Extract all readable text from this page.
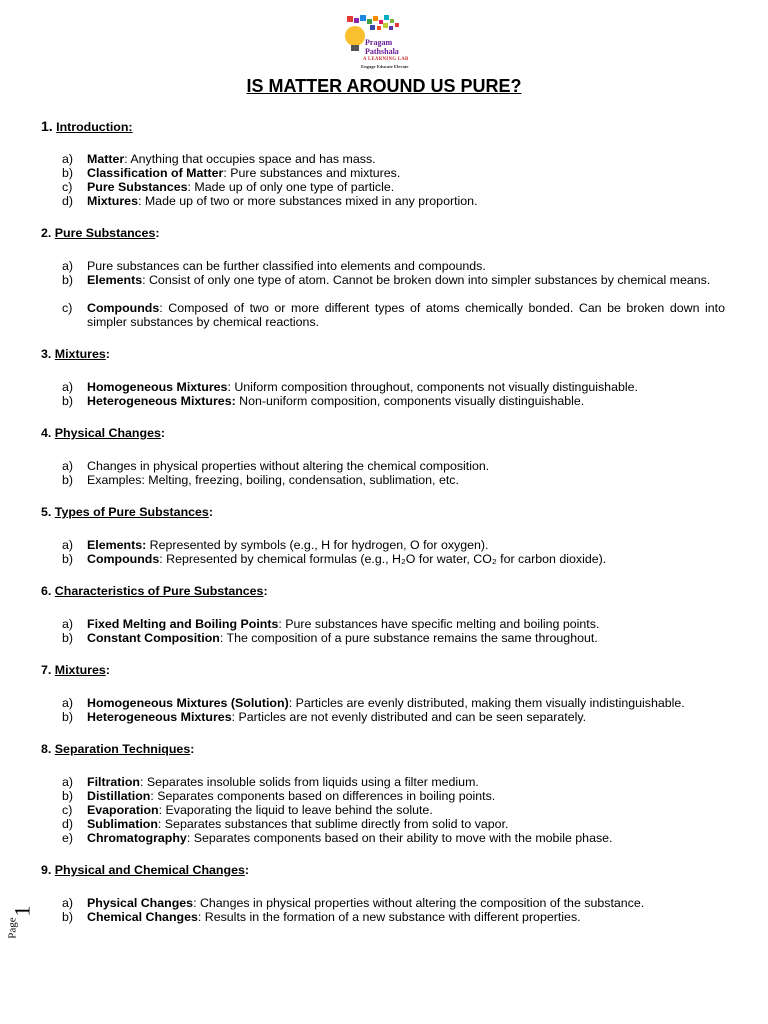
Pragam
Pathshala
A LEARNING LAB
Engage Educate Elevate
IS MATTER AROUND US PURE?
1. Introduction:
a) Matter: Anything that occupies space and has mass.
b) Classification of Matter: Pure substances and mixtures.
c) Pure Substances: Made up of only one type of particle.
d) Mixtures: Made up of two or more substances mixed in any proportion.
2. Pure Substances:
a) Pure substances can be further classified into elements and compounds.
b) Elements: Consist of only one type of atom. Cannot be broken down into simpler substances by chemical means.
c) Compounds: Composed of two or more different types of atoms chemically bonded. Can be broken down into simpler substances by chemical reactions.
3. Mixtures:
a) Homogeneous Mixtures: Uniform composition throughout, components not visually distinguishable.
b) Heterogeneous Mixtures: Non-uniform composition, components visually distinguishable.
4. Physical Changes:
a) Changes in physical properties without altering the chemical composition.
b) Examples: Melting, freezing, boiling, condensation, sublimation, etc.
5. Types of Pure Substances:
a) Elements: Represented by symbols (e.g., H for hydrogen, O for oxygen).
b) Compounds: Represented by chemical formulas (e.g., H₂O for water, CO₂ for carbon dioxide).
6. Characteristics of Pure Substances:
a) Fixed Melting and Boiling Points: Pure substances have specific melting and boiling points.
b) Constant Composition: The composition of a pure substance remains the same throughout.
7. Mixtures:
a) Homogeneous Mixtures (Solution): Particles are evenly distributed, making them visually indistinguishable.
b) Heterogeneous Mixtures: Particles are not evenly distributed and can be seen separately.
8. Separation Techniques:
a) Filtration: Separates insoluble solids from liquids using a filter medium.
b) Distillation: Separates components based on differences in boiling points.
c) Evaporation: Evaporating the liquid to leave behind the solute.
d) Sublimation: Separates substances that sublime directly from solid to vapor.
e) Chromatography: Separates components based on their ability to move with the mobile phase.
9. Physical and Chemical Changes:
a) Physical Changes: Changes in physical properties without altering the composition of the substance.
b) Chemical Changes: Results in the formation of a new substance with different properties.
Page
1
